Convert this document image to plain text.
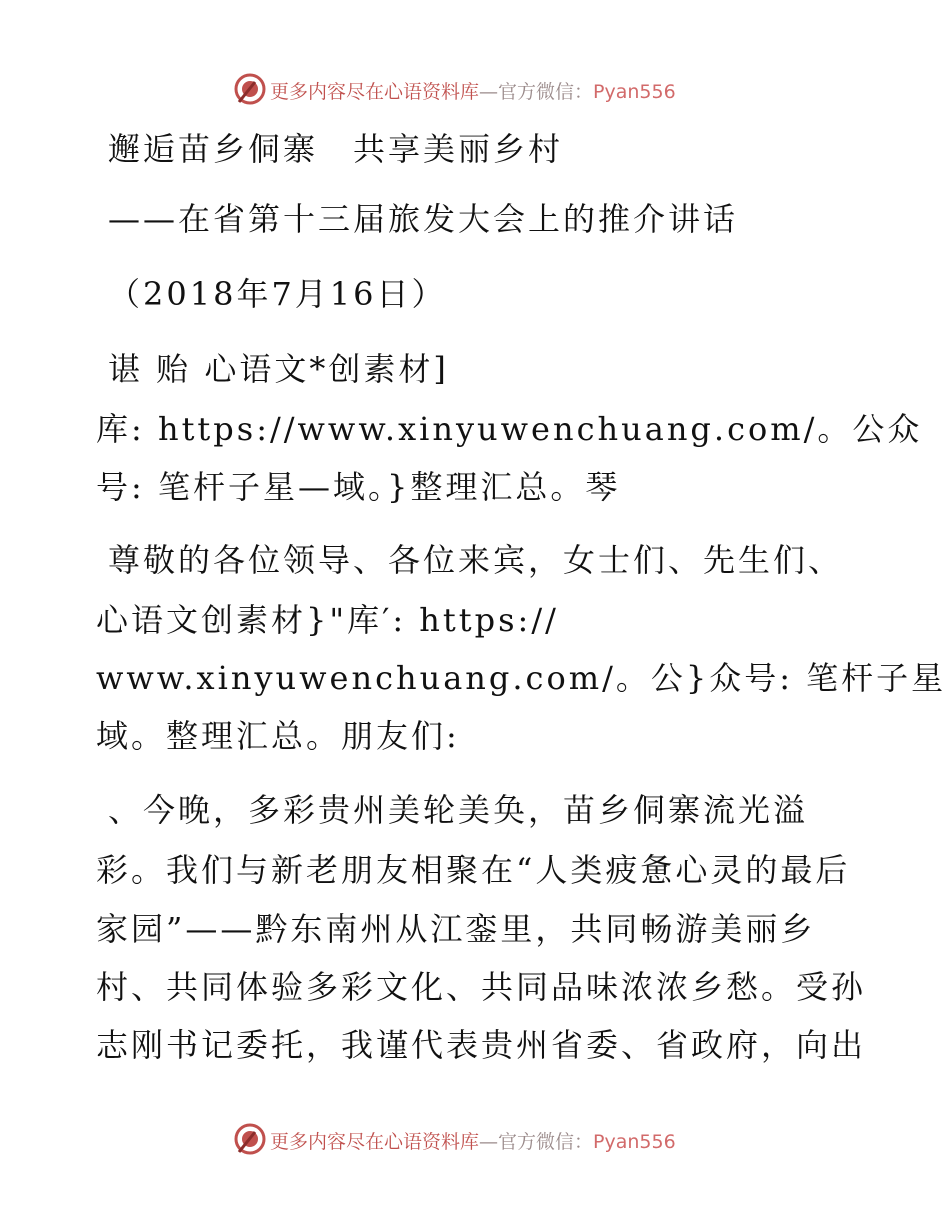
更多内容尽在心语资料库—官方微信：Pyan556
邂逅苗乡侗寨　共享美丽乡村
——在省第十三届旅发大会上的推介讲话
（2018年7月16日）
谌 贻 心语文*创素材]
库: https://www.xinyuwenchuang.com/。公众
号: 笔杆子星—域。}整理汇总。琴
尊敬的各位领导、各位来宾，女士们、先生们、
心语文创素材}"库′: https://
www.xinyuwenchuang.com/。公}众号: 笔杆子星
域。整理汇总。朋友们:
、今晚，多彩贵州美轮美奂，苗乡侗寨流光溢
彩。我们与新老朋友相聚在“人类疲惫心灵的最后
家园”——黔东南州从江銮里，共同畅游美丽乡
村、共同体验多彩文化、共同品味浓浓乡愁。受孙
志刚书记委托，我谨代表贵州省委、省政府，向出
更多内容尽在心语资料库—官方微信：Pyan556
